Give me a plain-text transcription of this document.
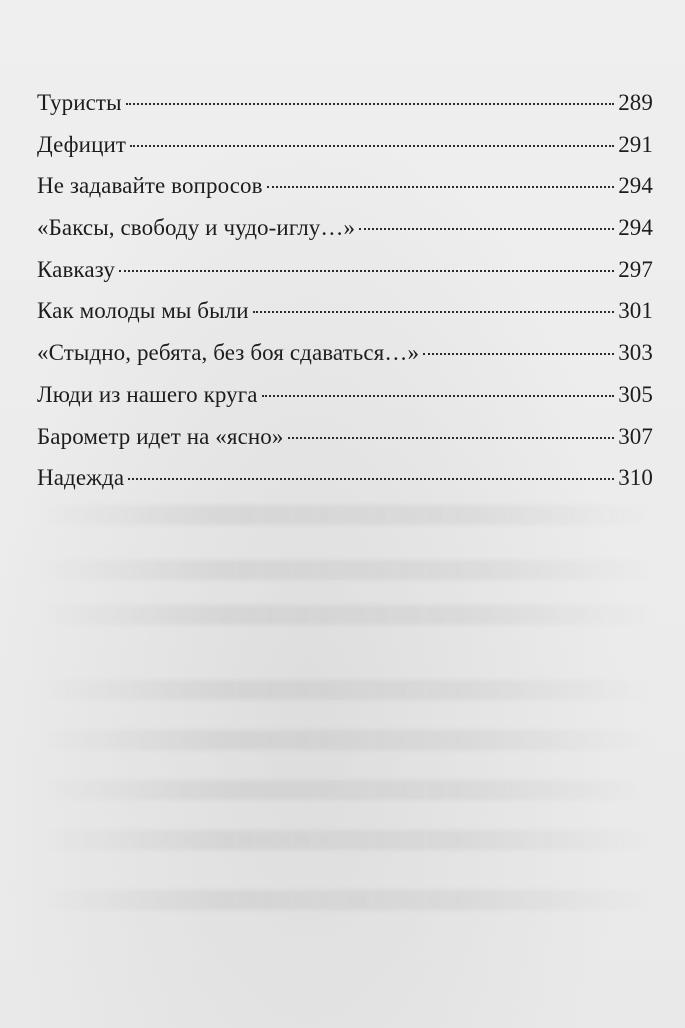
Туристы	289
Дефицит	291
Не задавайте вопросов	294
«Баксы, свободу и чудо-иглу…»	294
Кавказу	297
Как молоды мы были	301
«Стыдно, ребята, без боя сдаваться…»	303
Люди из нашего круга	305
Барометр идет на «ясно»	307
Надежда	310
